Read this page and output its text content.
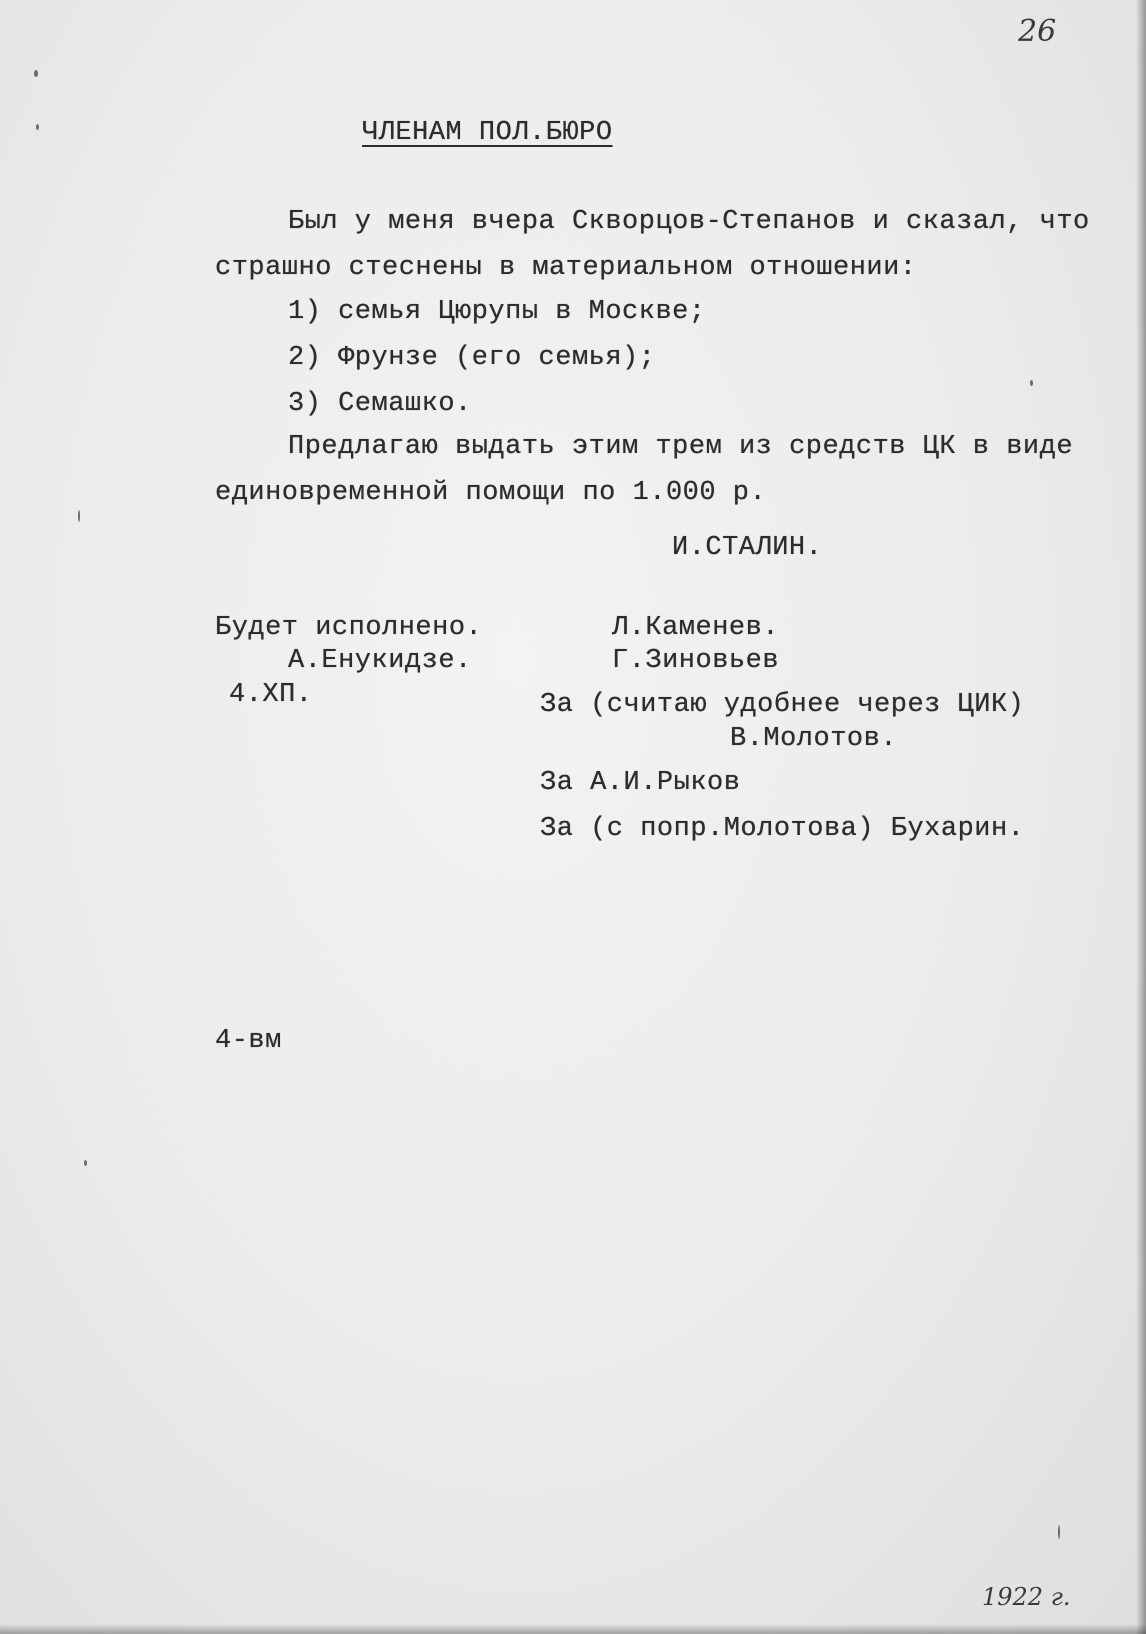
26
ЧЛЕНАМ ПОЛ.БЮРО
Был у меня вчера Скворцов-Степанов и сказал, что
страшно стеснены в материальном отношении:
1) семья Цюрупы в Москве;
2) Фрунзе (его семья);
3) Семашко.
Предлагаю выдать этим трем из средств ЦК в виде
единовременной помощи по 1.000 р.
И.СТАЛИН.
Будет исполнено.
А.Енукидзе.
4.ХП.
Л.Каменев.
Г.Зиновьев
За (считаю удобнее через ЦИК)
В.Молотов.
За А.И.Рыков
За (с попр.Молотова) Бухарин.
4-вм
1922 г.
